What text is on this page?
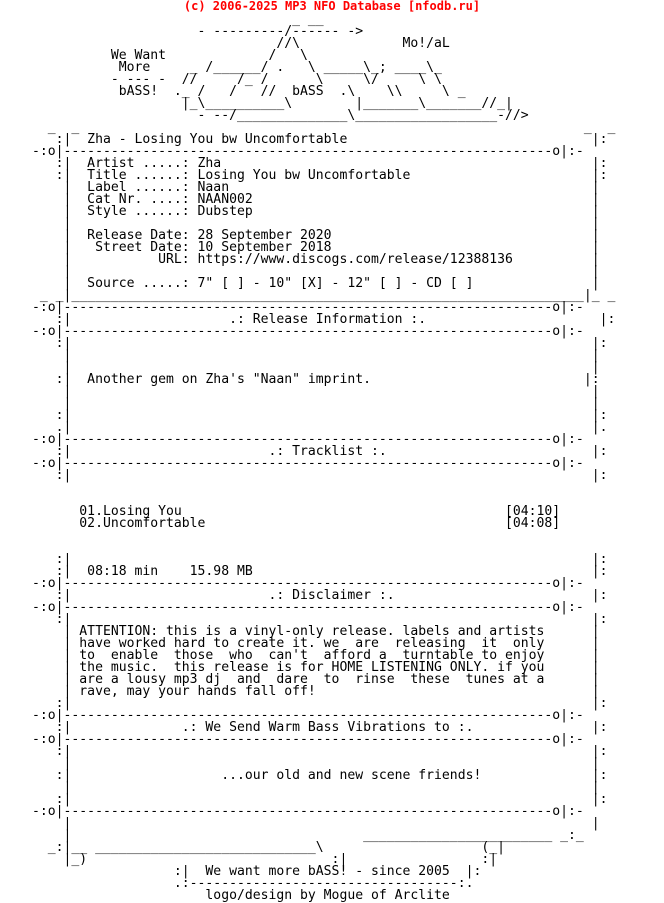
(c) 2006-2025 MP3 NFO Database [nfodb.ru]
_ __
- ---------/------ ->
//\             Mo!/aL
We Want             /   \
More     _ /______/ .   \ _____\_; ____\_
- --- -  //     /_ /      \     \/     \ \
bASS!  ._ /   /   //  bASS  .\    \\     \ _
|_\__________\        |_______\_______//_|
- --/______________\__________________-//>
_  _                                                                _  _
:|  Zha - Losing You bw Uncomfortable                               |:
-:o|--------------------------------------------------------------o|:-
:|  Artist .....: Zha                                               |:
:|  Title ......: Losing You bw Uncomfortable                       |:
|  Label ......: Naan                                              |
|  Cat Nr. ....: NAAN002                                           |
|  Style ......: Dubstep                                           |
|                                                                  |
|  Release Date: 28 September 2020                                 |
|   Street Date: 10 September 2018                                 |
|           URL: https://www.discogs.com/release/12388136          |
|                                                                  |
|  Source .....: 7" [ ] - 10" [X] - 12" [ ] - CD [ ]               |
_ _|_________________________________________________________________|_ _
-:o|--------------------------------------------------------------o|:-
:|                    .: Release Information :.                      |:
-:o|--------------------------------------------------------------o|:-
:|                                                                  |:
|                                                                  |
|                                                                  |
:|  Another gem on Zha's "Naan" imprint.                           |:
|                                                                  |
|                                                                  |
:|                                                                  |:
.|                                                                  |.
-:o|--------------------------------------------------------------o|:-
:|                         .: Tracklist :.                          |:
-:o|--------------------------------------------------------------o|:-
:|                                                                  |:

01.Losing You                                         [04:10]
02.Uncomfortable                                      [04:08]
:|                                                                  |:
:|  08:18 min    15.98 MB                                           |:
-:o|--------------------------------------------------------------o|:-
:|                         .: Disclaimer :.                         |:
-:o|--------------------------------------------------------------o|:-
:|                                                                  |:
| ATTENTION: this is a vinyl-only release. labels and artists      |
| have worked hard to create it. we  are  releasing  it  only      |
| to  enable  those  who  can't  afford a  turntable to enjoy      |
| the music.  this release is for HOME LISTENING ONLY. if you      |
| are a lousy mp3 dj  and  dare  to  rinse  these  tunes at a      |
| rave, may your hands fall off!                                   |
:|                                                                  |:
-:o|--------------------------------------------------------------o|:-
:|              .: We Send Warm Bass Vibrations to :.               |:
-:o|--------------------------------------------------------------o|:-
:|                                                                  |:
|                                                                  |
:|                   ...our old and new scene friends!              |:
|                                                                  |
:|                                                                  |:
-:o|--------------------------------------------------------------o|:-
|                                                                  |
|                                     ________________________ _:_
_:|__ ____________________________\                    (_|
|_)                               :|                 :|
:|  We want more bASS! - since 2005  |:
.:----------------------------------:.
logo/design by Mogue of Arclite
